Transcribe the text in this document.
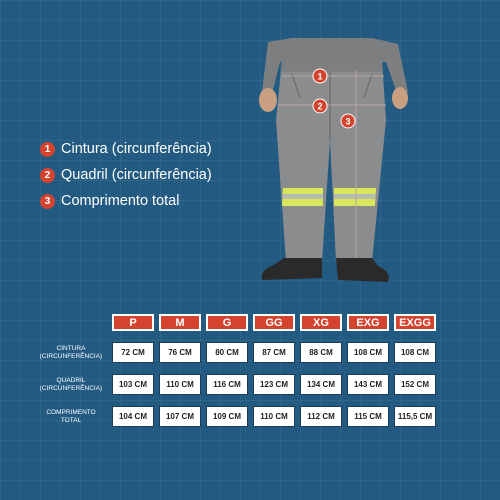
1
2
3
1 Cintura (circunferência)
2 Quadril (circunferência)
3 Comprimento total
	P	M	G	GG	XG	EXG	EXGG

CINTURA
(CIRCUNFERÊNCIA)	72 CM	76 CM	80 CM	87 CM	88 CM	108 CM	108 CM

QUADRIL
(CIRCUNFERÊNCIA)	103 CM	110 CM	116 CM	123 CM	134 CM	143 CM	152 CM

COMPRIMENTO
TOTAL	104 CM	107 CM	109 CM	110 CM	112 CM	115 CM	115,5 CM
